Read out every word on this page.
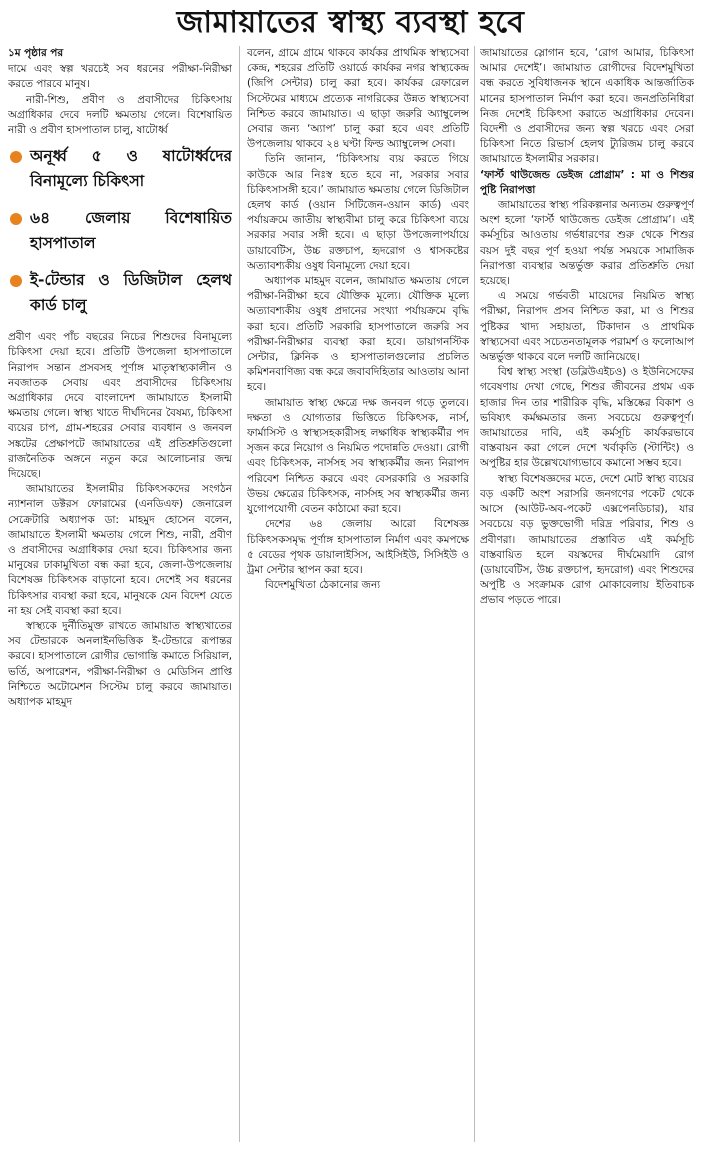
জামায়াতের স্বাস্থ্য ব্যবস্থা হবে
১ম পৃষ্ঠার পর

দামে এবং স্বল্প খরচেই সব ধরনের পরীক্ষা-নিরীক্ষা করতে পারবে মানুষ।

নারী-শিশু, প্রবীণ ও প্রবাসীদের চিকিৎসায় অগ্রাধিকার দেবে দলটি ক্ষমতায় গেলে। বিশেষায়িত নারী ও প্রবীণ হাসপাতাল চালু, ষাটোর্ধ্ব

অনূর্ধ্ব ৫ ও ষাটোর্ধ্বদের বিনামূল্যে চিকিৎসা
৬৪ জেলায় বিশেষায়িত হাসপাতাল
ই-টেন্ডার ও ডিজিটাল হেলথ কার্ড চালু

প্রবীণ এবং পাঁচ বছরের নিচের শিশুদের বিনামূল্যে চিকিৎসা দেয়া হবে। প্রতিটি উপজেলা হাসপাতালে নিরাপদ সন্তান প্রসবসহ পূর্ণাঙ্গ মাতৃস্বাস্থ্যকালীন ও নবজাতক সেবায় এবং প্রবাসীদের চিকিৎসায় অগ্রাধিকার দেবে বাংলাদেশ জামায়াতে ইসলামী ক্ষমতায় গেলে। স্বাস্থ্য খাতে দীর্ঘদিনের বৈষম্য, চিকিৎসা ব্যয়ের চাপ, গ্রাম-শহরের সেবার ব্যবধান ও জনবল সঙ্কটের প্রেক্ষাপটে জামায়াতের এই প্রতিশ্রুতিগুলো রাজনৈতিক অঙ্গনে নতুন করে আলোচনার জন্ম দিয়েছে।

জামায়াতের ইসলামীর চিকিৎসকদের সংগঠন ন্যাশনাল ডক্টরস ফোরামের (এনডিএফ) জেনারেল সেক্রেটারি অধ্যাপক ডা: মাহমুদ হোসেন বলেন, জামায়াতে ইসলামী ক্ষমতায় গেলে শিশু, নারী, প্রবীণ ও প্রবাসীদের অগ্রাধিকার দেয়া হবে। চিকিৎসার জন্য মানুষের ঢাকামুখিতা বন্ধ করা হবে, জেলা-উপজেলায় বিশেষজ্ঞ চিকিৎসক বাড়ানো হবে। দেশেই সব ধরনের চিকিৎসার ব্যবস্থা করা হবে, মানুষকে যেন বিদেশ যেতে না হয় সেই ব্যবস্থা করা হবে।

স্বাস্থ্যকে দুর্নীতিমুক্ত রাখতে জামায়াত স্বাস্থ্যখাতের সব টেন্ডারকে অনলাইনভিত্তিক ই-টেন্ডারে রূপান্তর করবে। হাসপাতালে রোগীর ভোগান্তি কমাতে সিরিয়াল, ভর্তি, অপারেশন, পরীক্ষা-নিরীক্ষা ও মেডিসিন প্রাপ্তি নিশ্চিতে অটোমেশন সিস্টেম চালু করবে জামায়াত। অধ্যাপক মাহমুদ

বলেন, গ্রামে গ্রামে থাকবে কার্যকর প্রাথমিক স্বাস্থ্যসেবা কেন্দ্র, শহরের প্রতিটি ওয়ার্ডে কার্যকর নগর স্বাস্থ্যকেন্দ্র (জিপি সেন্টার) চালু করা হবে। কার্যকর রেফারেল সিস্টেমের মাধ্যমে প্রত্যেক নাগরিকের উন্নত স্বাস্থ্যসেবা নিশ্চিত করবে জামায়াত। এ ছাড়া জরুরি অ্যাম্বুলেন্স সেবার জন্য ‘অ্যাপ’ চালু করা হবে এবং প্রতিটি উপজেলায় থাকবে ২৪ ঘণ্টা ফিল্ড অ্যাম্বুলেন্স সেবা।

তিনি জানান, ‘চিকিৎসায় ব্যয় করতে গিয়ে কাউকে আর নিঃস্ব হতে হবে না, সরকার সবার চিকিৎসাসঙ্গী হবে।’ জামায়াত ক্ষমতায় গেলে ডিজিটাল হেলথ কার্ড (ওয়ান সিটিজেন-ওয়ান কার্ড) এবং পর্যায়ক্রমে জাতীয় স্বাস্থ্যবীমা চালু করে চিকিৎসা ব্যয়ে সরকার সবার সঙ্গী হবে। এ ছাড়া উপজেলাপর্যায়ে ডায়াবেটিস, উচ্চ রক্তচাপ, হৃদরোগ ও শ্বাসকষ্টের অত্যাবশ্যকীয় ওষুধ বিনামূল্যে দেয়া হবে।

অধ্যাপক মাহমুদ বলেন, জামায়াত ক্ষমতায় গেলে পরীক্ষা-নিরীক্ষা হবে যৌক্তিক মূল্যে। যৌক্তিক মূল্যে অত্যাবশ্যকীয় ওষুধ প্রদানের সংখ্যা পর্যায়ক্রমে বৃদ্ধি করা হবে। প্রতিটি সরকারি হাসপাতালে জরুরি সব পরীক্ষা-নিরীক্ষার ব্যবস্থা করা হবে। ডায়াগনস্টিক সেন্টার, ক্লিনিক ও হাসপাতালগুলোর প্রচলিত কমিশনবাণিজ্য বন্ধ করে জবাবদিহিতার আওতায় আনা হবে।

জামায়াত স্বাস্থ্য ক্ষেত্রে দক্ষ জনবল গড়ে তুলবে। দক্ষতা ও যোগ্যতার ভিত্তিতে চিকিৎসক, নার্স, ফার্মাসিস্ট ও স্বাস্থ্যসহকারীসহ লক্ষাধিক স্বাস্থ্যকর্মীর পদ সৃজন করে নিয়োগ ও নিয়মিত পদোন্নতি দেওয়া। রোগী এবং চিকিৎসক, নার্সসহ সব স্বাস্থ্যকর্মীর জন্য নিরাপদ পরিবেশ নিশ্চিত করবে এবং বেসরকারি ও সরকারি উভয় ক্ষেত্রের চিকিৎসক, নার্সসহ সব স্বাস্থ্যকর্মীর জন্য যুগোপযোগী বেতন কাঠামো করা হবে।

দেশের ৬৪ জেলায় আরো বিশেষজ্ঞ চিকিৎসকসমৃদ্ধ পূর্ণাঙ্গ হাসপাতাল নির্মাণ এবং কমপক্ষে ৫ বেডের পৃথক ডায়ালাইসিস, আইসিইউ, সিসিইউ ও ট্রমা সেন্টার স্থাপন করা হবে।

বিদেশমুখিতা ঠেকানোর জন্য

জামায়াতের স্লোগান হবে, ‘রোগ আমার, চিকিৎসা আমার দেশেই’। জামায়াত রোগীদের বিদেশমুখিতা বন্ধ করতে সুবিধাজনক স্থানে একাধিক আন্তর্জাতিক মানের হাসপাতাল নির্মাণ করা হবে। জনপ্রতিনিধিরা নিজ দেশেই চিকিৎসা করাতে অগ্রাধিকার দেবেন। বিদেশী ও প্রবাসীদের জন্য স্বল্প খরচে এবং সেরা চিকিৎসা নিতে রিভার্স হেলথ ট্যুরিজম চালু করবে জামায়াতে ইসলামীর সরকার।

‘ফার্স্ট থাউজেন্ড ডেইজ প্রোগ্রাম’ : মা ও শিশুর পুষ্টি নিরাপত্তা

জামায়াতের স্বাস্থ্য পরিকল্পনার অন্যতম গুরুত্বপূর্ণ অংশ হলো ‘ফার্স্ট থাউজেন্ড ডেইজ প্রোগ্রাম’। এই কর্মসূচির আওতায় গর্ভধারণের শুরু থেকে শিশুর বয়স দুই বছর পূর্ণ হওয়া পর্যন্ত সময়কে সামাজিক নিরাপত্তা ব্যবস্থার অন্তর্ভুক্ত করার প্রতিশ্রুতি দেয়া হয়েছে।

এ সময়ে গর্ভবতী মায়েদের নিয়মিত স্বাস্থ্য পরীক্ষা, নিরাপদ প্রসব নিশ্চিত করা, মা ও শিশুর পুষ্টিকর খাদ্য সহায়তা, টিকাদান ও প্রাথমিক স্বাস্থ্যসেবা এবং সচেতনতামূলক পরামর্শ ও ফলোআপ অন্তর্ভুক্ত থাকবে বলে দলটি জানিয়েছে।

বিশ্ব স্বাস্থ্য সংস্থা (ডব্লিউএইচও) ও ইউনিসেফের গবেষণায় দেখা গেছে, শিশুর জীবনের প্রথম এক হাজার দিন তার শারীরিক বৃদ্ধি, মস্তিষ্কের বিকাশ ও ভবিষ্যৎ কর্মক্ষমতার জন্য সবচেয়ে গুরুত্বপূর্ণ। জামায়াতের দাবি, এই কর্মসূচি কার্যকরভাবে বাস্তবায়ন করা গেলে দেশে খর্বাকৃতি (স্টান্টিং) ও অপুষ্টির হার উল্লেখযোগ্যভাবে কমানো সম্ভব হবে।

স্বাস্থ্য বিশেষজ্ঞদের মতে, দেশে মোট স্বাস্থ্য ব্যয়ের বড় একটি অংশ সরাসরি জনগণের পকেট থেকে আসে (আউট-অব-পকেট এক্সপেনডিচার), যার সবচেয়ে বড় ভুক্তভোগী দরিদ্র পরিবার, শিশু ও প্রবীণরা। জামায়াতের প্রস্তাবিত এই কর্মসূচি বাস্তবায়িত হলে বয়স্কদের দীর্ঘমেয়াদি রোগ (ডায়াবেটিস, উচ্চ রক্তচাপ, হৃদরোগ) এবং শিশুদের অপুষ্টি ও সংক্রামক রোগ মোকাবেলায় ইতিবাচক প্রভাব পড়তে পারে।
